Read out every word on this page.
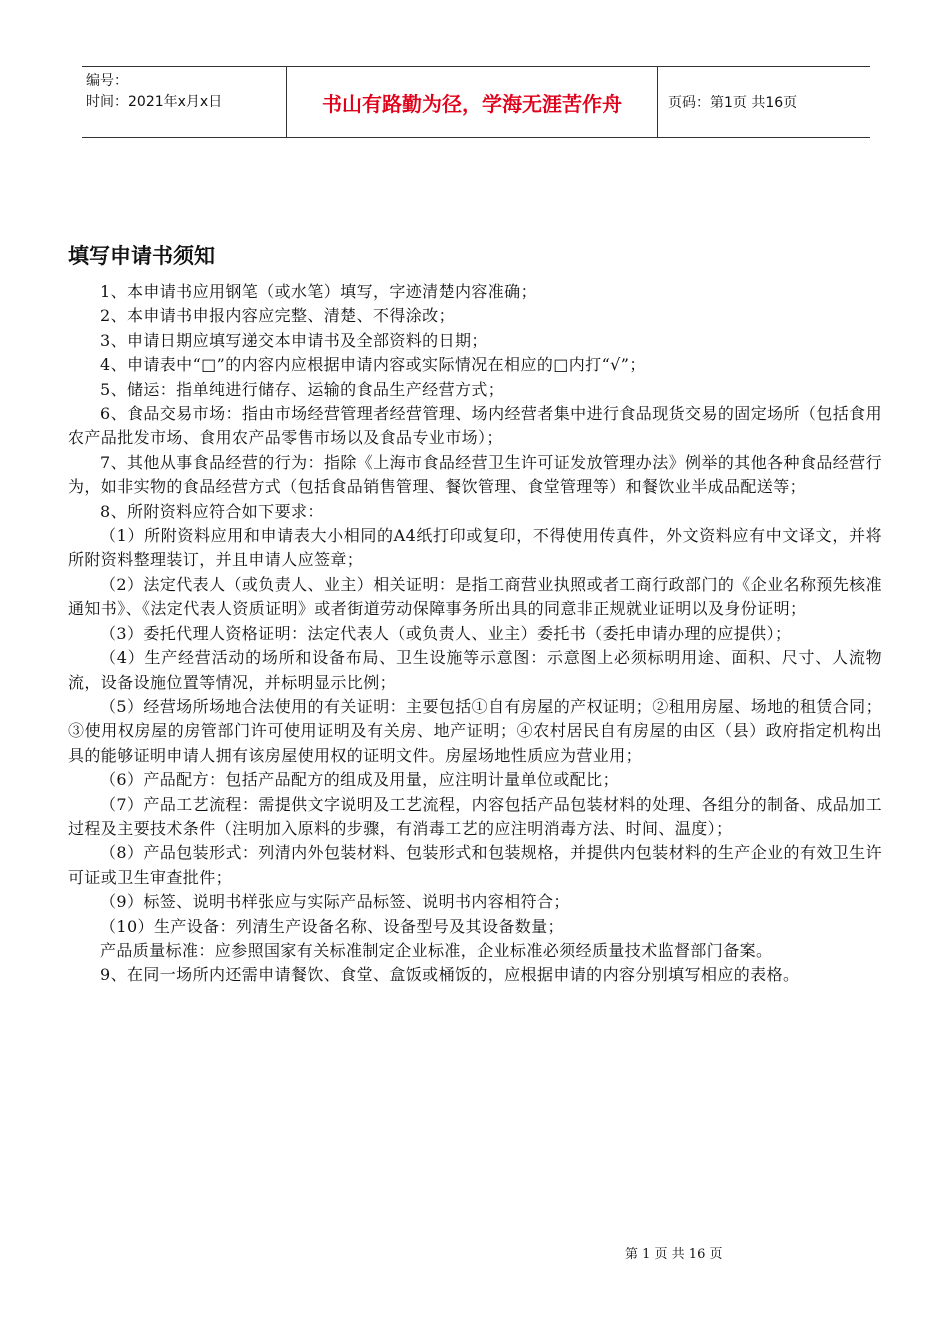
编号：
时间：2021年x月x日	书山有路勤为径，学海无涯苦作舟	页码：第1页 共16页
填写申请书须知

1、本申请书应用钢笔（或水笔）填写，字迹清楚内容准确；

2、本申请书申报内容应完整、清楚、不得涂改；

3、申请日期应填写递交本申请书及全部资料的日期；

4、申请表中“□”的内容内应根据申请内容或实际情况在相应的□内打“√”；

5、储运：指单纯进行储存、运输的食品生产经营方式；

6、食品交易市场：指由市场经营管理者经营管理、场内经营者集中进行食品现货交易的固定场所（包括食用农产品批发市场、食用农产品零售市场以及食品专业市场）；

7、其他从事食品经营的行为：指除《上海市食品经营卫生许可证发放管理办法》例举的其他各种食品经营行为，如非实物的食品经营方式（包括食品销售管理、餐饮管理、食堂管理等）和餐饮业半成品配送等；

8、所附资料应符合如下要求：

（1）所附资料应用和申请表大小相同的A4纸打印或复印，不得使用传真件，外文资料应有中文译文，并将所附资料整理装订，并且申请人应签章；

（2）法定代表人（或负责人、业主）相关证明：是指工商营业执照或者工商行政部门的《企业名称预先核准通知书》、《法定代表人资质证明》或者街道劳动保障事务所出具的同意非正规就业证明以及身份证明；

（3）委托代理人资格证明：法定代表人（或负责人、业主）委托书（委托申请办理的应提供）；

（4）生产经营活动的场所和设备布局、卫生设施等示意图：示意图上必须标明用途、面积、尺寸、人流物流，设备设施位置等情况，并标明显示比例；

（5）经营场所场地合法使用的有关证明：主要包括①自有房屋的产权证明；②租用房屋、场地的租赁合同；③使用权房屋的房管部门许可使用证明及有关房、地产证明；④农村居民自有房屋的由区（县）政府指定机构出具的能够证明申请人拥有该房屋使用权的证明文件。房屋场地性质应为营业用；

（6）产品配方：包括产品配方的组成及用量，应注明计量单位或配比；

（7）产品工艺流程：需提供文字说明及工艺流程，内容包括产品包装材料的处理、各组分的制备、成品加工过程及主要技术条件（注明加入原料的步骤，有消毒工艺的应注明消毒方法、时间、温度）；

（8）产品包装形式：列清内外包装材料、包装形式和包装规格，并提供内包装材料的生产企业的有效卫生许可证或卫生审查批件；

（9）标签、说明书样张应与实际产品标签、说明书内容相符合；

（10）生产设备：列清生产设备名称、设备型号及其设备数量；

产品质量标准：应参照国家有关标准制定企业标准，企业标准必须经质量技术监督部门备案。

9、在同一场所内还需申请餐饮、食堂、盒饭或桶饭的，应根据申请的内容分别填写相应的表格。

第 1 页 共 16 页
